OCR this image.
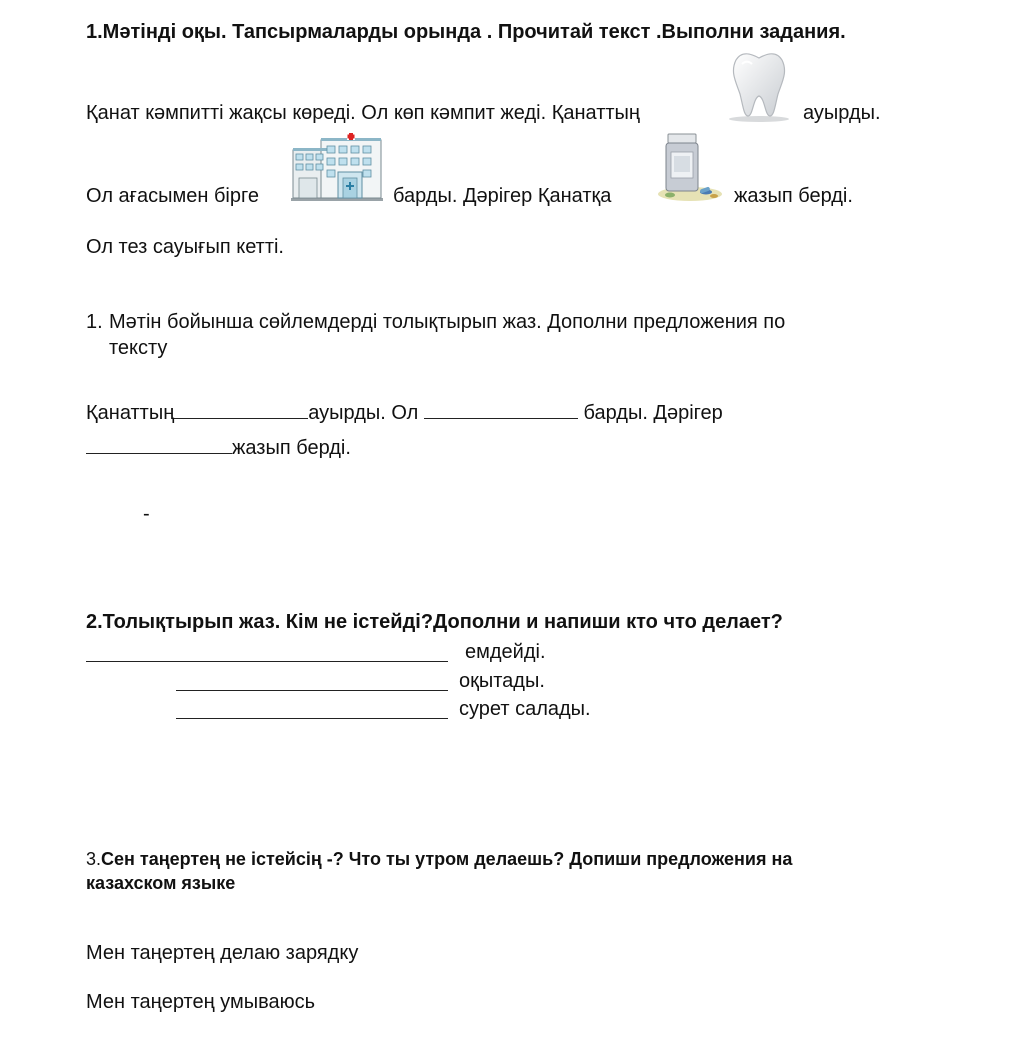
1.Мәтінді оқы. Тапсырмаларды орында . Прочитай текст .Выполни задания.
Қанат кәмпитті жақсы көреді. Ол көп кәмпит жеді. Қанаттың	ауырды.
Ол ағасымен бірге	барды. Дәрігер Қанатқа	жазып берді.
Ол тез сауығып кетті.
1. Мәтін бойынша сөйлемдерді толықтырып жаз. Дополни предложения по
тексту
Қанаттың	ауырды. Ол	барды. Дәрігер
жазып берді.
-
2.Толықтырып жаз. Кім не істейді?Дополни и напиши кто что делает?
емдейді.
оқытады.
сурет салады.
3.Сен таңертең не істейсің -? Что ты утром делаешь? Допиши предложения на
казахском языке
Мен таңертең делаю зарядку
Мен таңертең умываюсь
